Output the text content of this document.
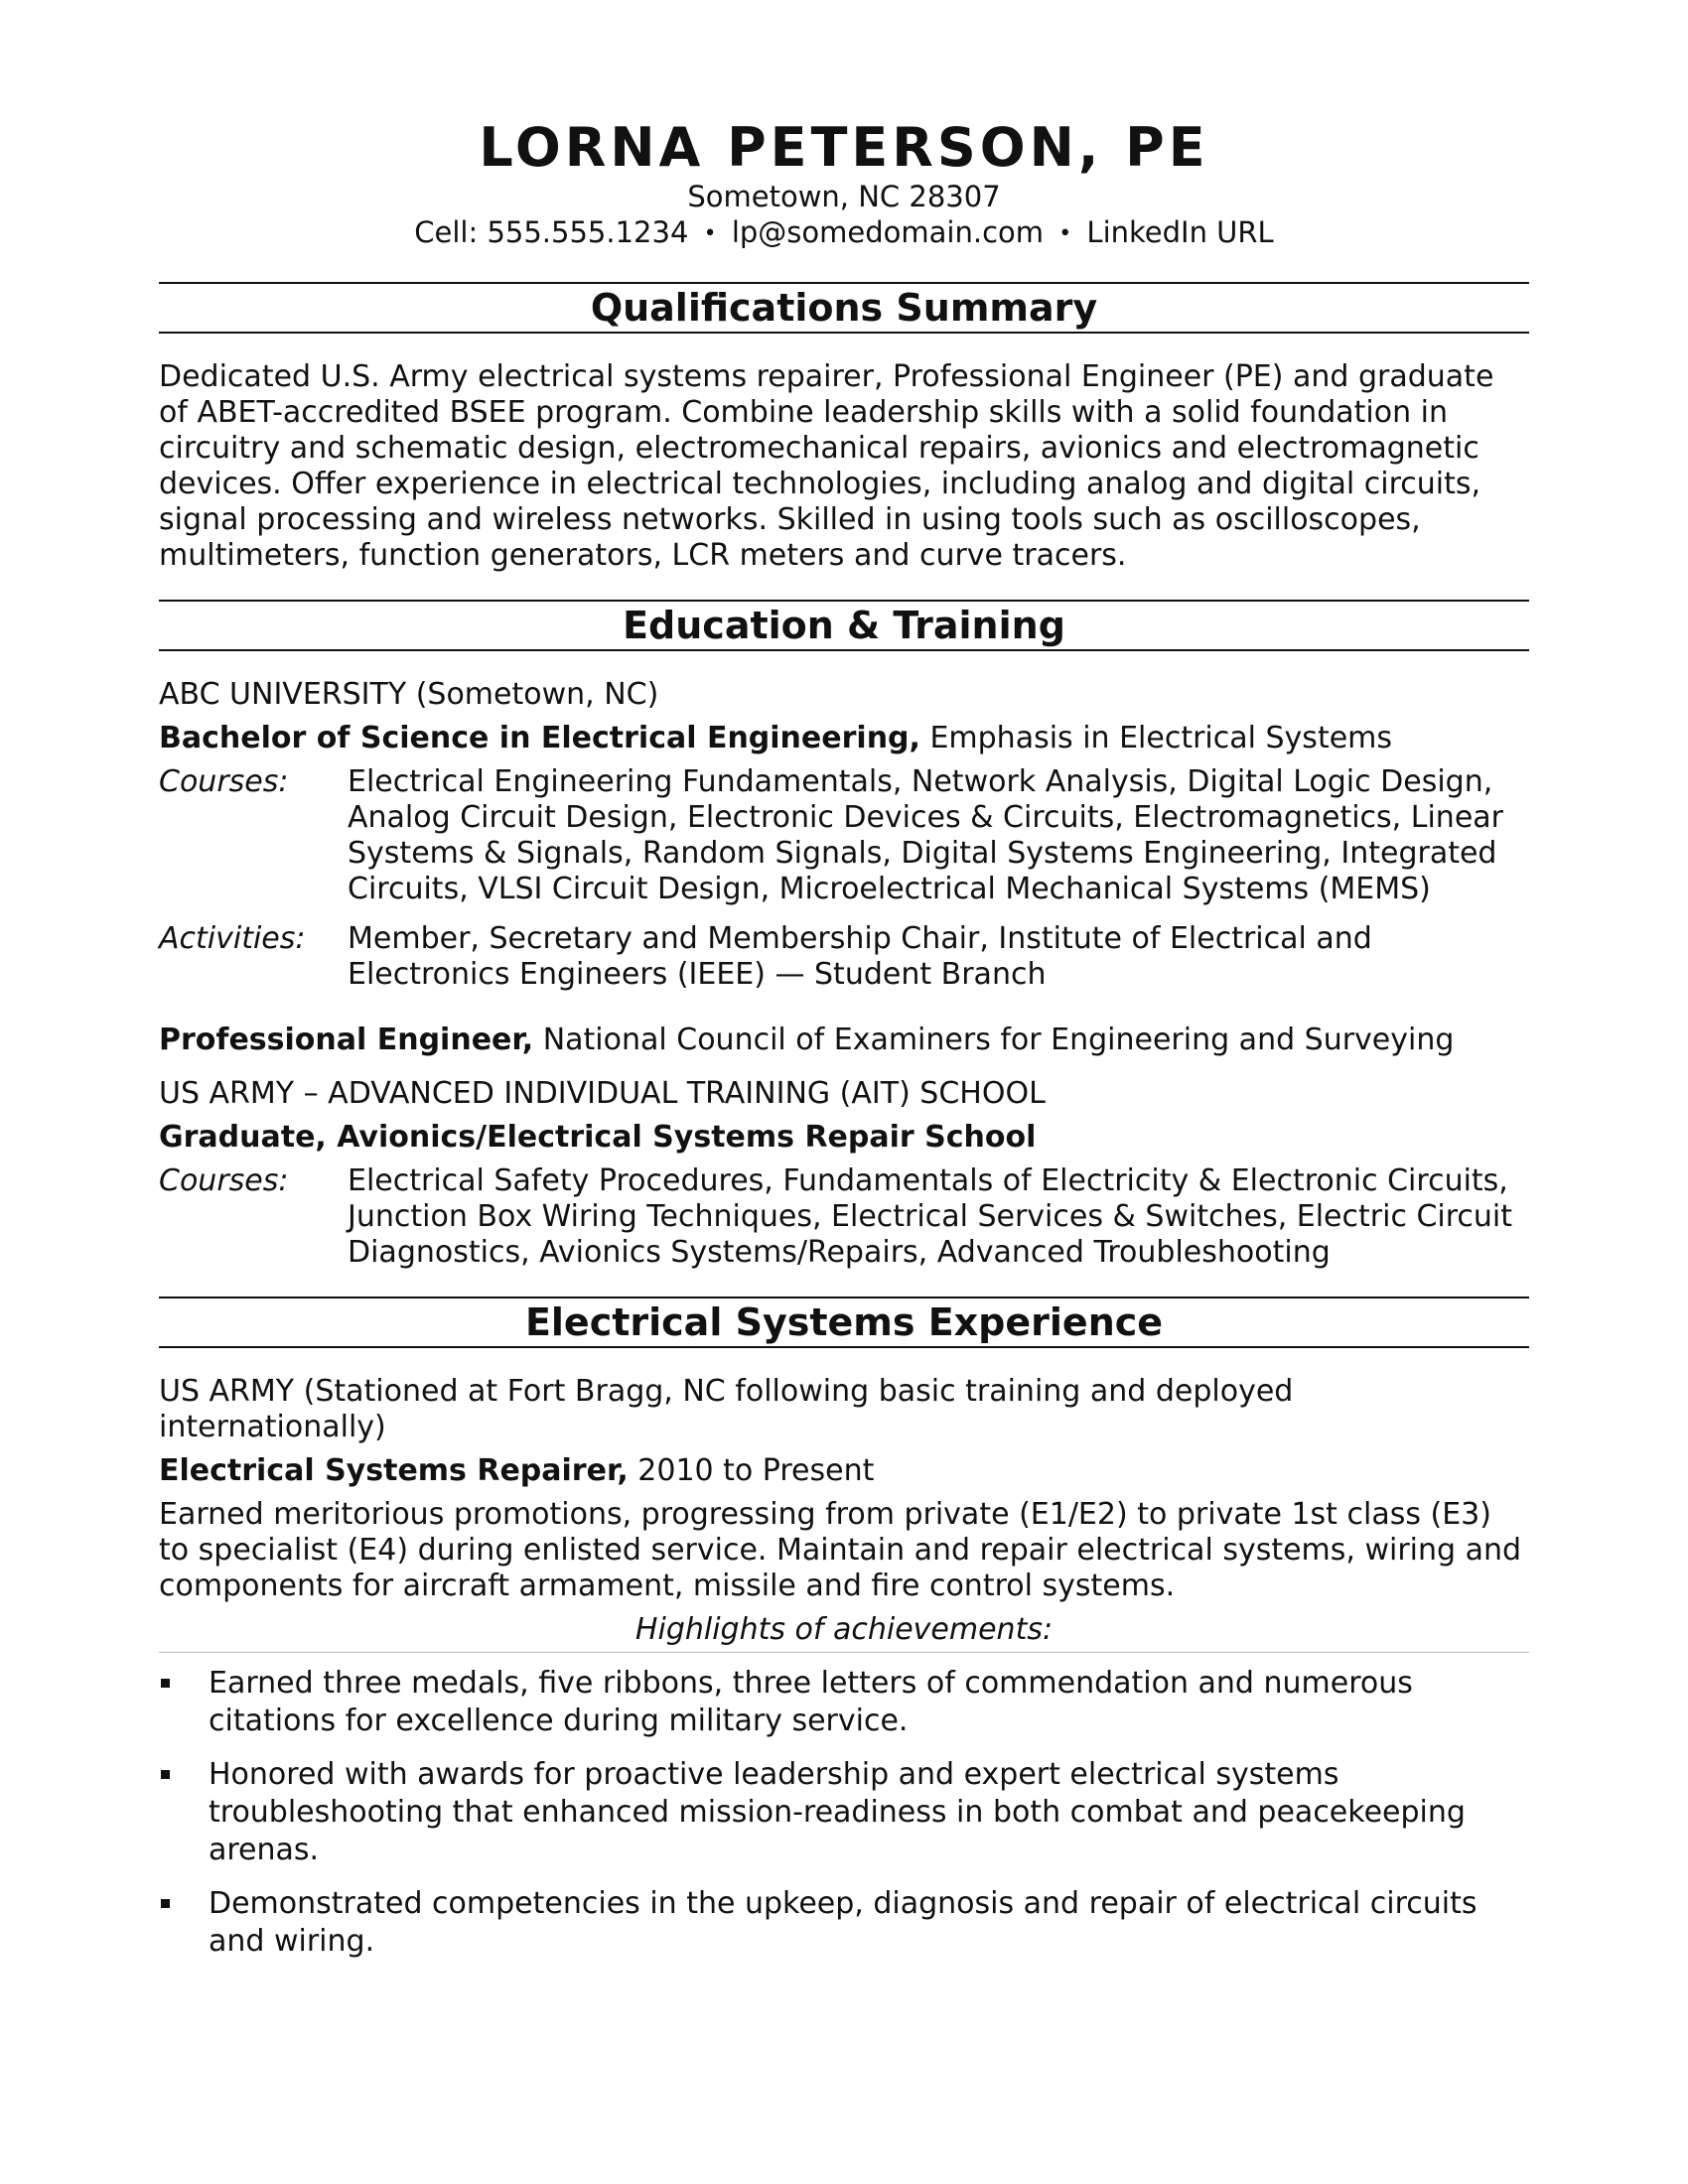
LORNA PETERSON, PE
Sometown, NC 28307
Cell: 555.555.1234 • lp@somedomain.com • LinkedIn URL
Qualifications Summary
Dedicated U.S. Army electrical systems repairer, Professional Engineer (PE) and graduate of ABET-accredited BSEE program. Combine leadership skills with a solid foundation in circuitry and schematic design, electromechanical repairs, avionics and electromagnetic devices. Offer experience in electrical technologies, including analog and digital circuits, signal processing and wireless networks. Skilled in using tools such as oscilloscopes, multimeters, function generators, LCR meters and curve tracers.
Education & Training
ABC UNIVERSITY (Sometown, NC)
Bachelor of Science in Electrical Engineering, Emphasis in Electrical Systems
Courses:	Electrical Engineering Fundamentals, Network Analysis, Digital Logic Design, Analog Circuit Design, Electronic Devices & Circuits, Electromagnetics, Linear Systems & Signals, Random Signals, Digital Systems Engineering, Integrated Circuits, VLSI Circuit Design, Microelectrical Mechanical Systems (MEMS)
Activities:	Member, Secretary and Membership Chair, Institute of Electrical and Electronics Engineers (IEEE) — Student Branch
Professional Engineer, National Council of Examiners for Engineering and Surveying
US ARMY – ADVANCED INDIVIDUAL TRAINING (AIT) SCHOOL
Graduate, Avionics/Electrical Systems Repair School
Courses:	Electrical Safety Procedures, Fundamentals of Electricity & Electronic Circuits, Junction Box Wiring Techniques, Electrical Services & Switches, Electric Circuit Diagnostics, Avionics Systems/Repairs, Advanced Troubleshooting
Electrical Systems Experience
US ARMY (Stationed at Fort Bragg, NC following basic training and deployed internationally)
Electrical Systems Repairer, 2010 to Present
Earned meritorious promotions, progressing from private (E1/E2) to private 1st class (E3) to specialist (E4) during enlisted service. Maintain and repair electrical systems, wiring and components for aircraft armament, missile and fire control systems.
Highlights of achievements:
Earned three medals, five ribbons, three letters of commendation and numerous citations for excellence during military service.
Honored with awards for proactive leadership and expert electrical systems troubleshooting that enhanced mission-readiness in both combat and peacekeeping arenas.
Demonstrated competencies in the upkeep, diagnosis and repair of electrical circuits and wiring.
